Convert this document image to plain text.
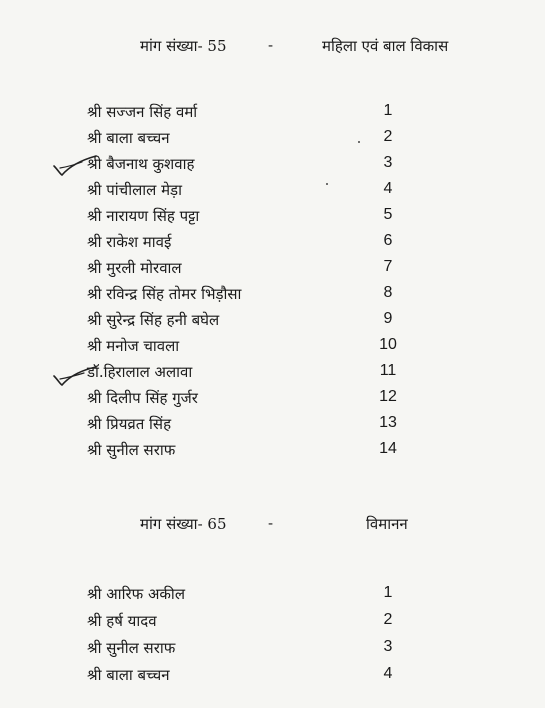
मांग संख्या- 55	-	महिला एवं बाल विकास
श्री सज्जन सिंह वर्मा	1
श्री बाला बच्चन	2
श्री बैजनाथ कुशवाह	3
श्री पांचीलाल मेड़ा	4
श्री नारायण सिंह पट्टा	5
श्री राकेश मावई	6
श्री मुरली मोरवाल	7
श्री रविन्द्र सिंह तोमर भिड़ौसा	8
श्री सुरेन्द्र सिंह हनी बघेल	9
श्री मनोज चावला	10
डॉ.हिरालाल अलावा	11
श्री दिलीप सिंह गुर्जर	12
श्री प्रियव्रत सिंह	13
श्री सुनील सराफ	14
मांग संख्या- 65	-	विमानन
श्री आरिफ अकील	1
श्री हर्ष यादव	2
श्री सुनील सराफ	3
श्री बाला बच्चन	4
